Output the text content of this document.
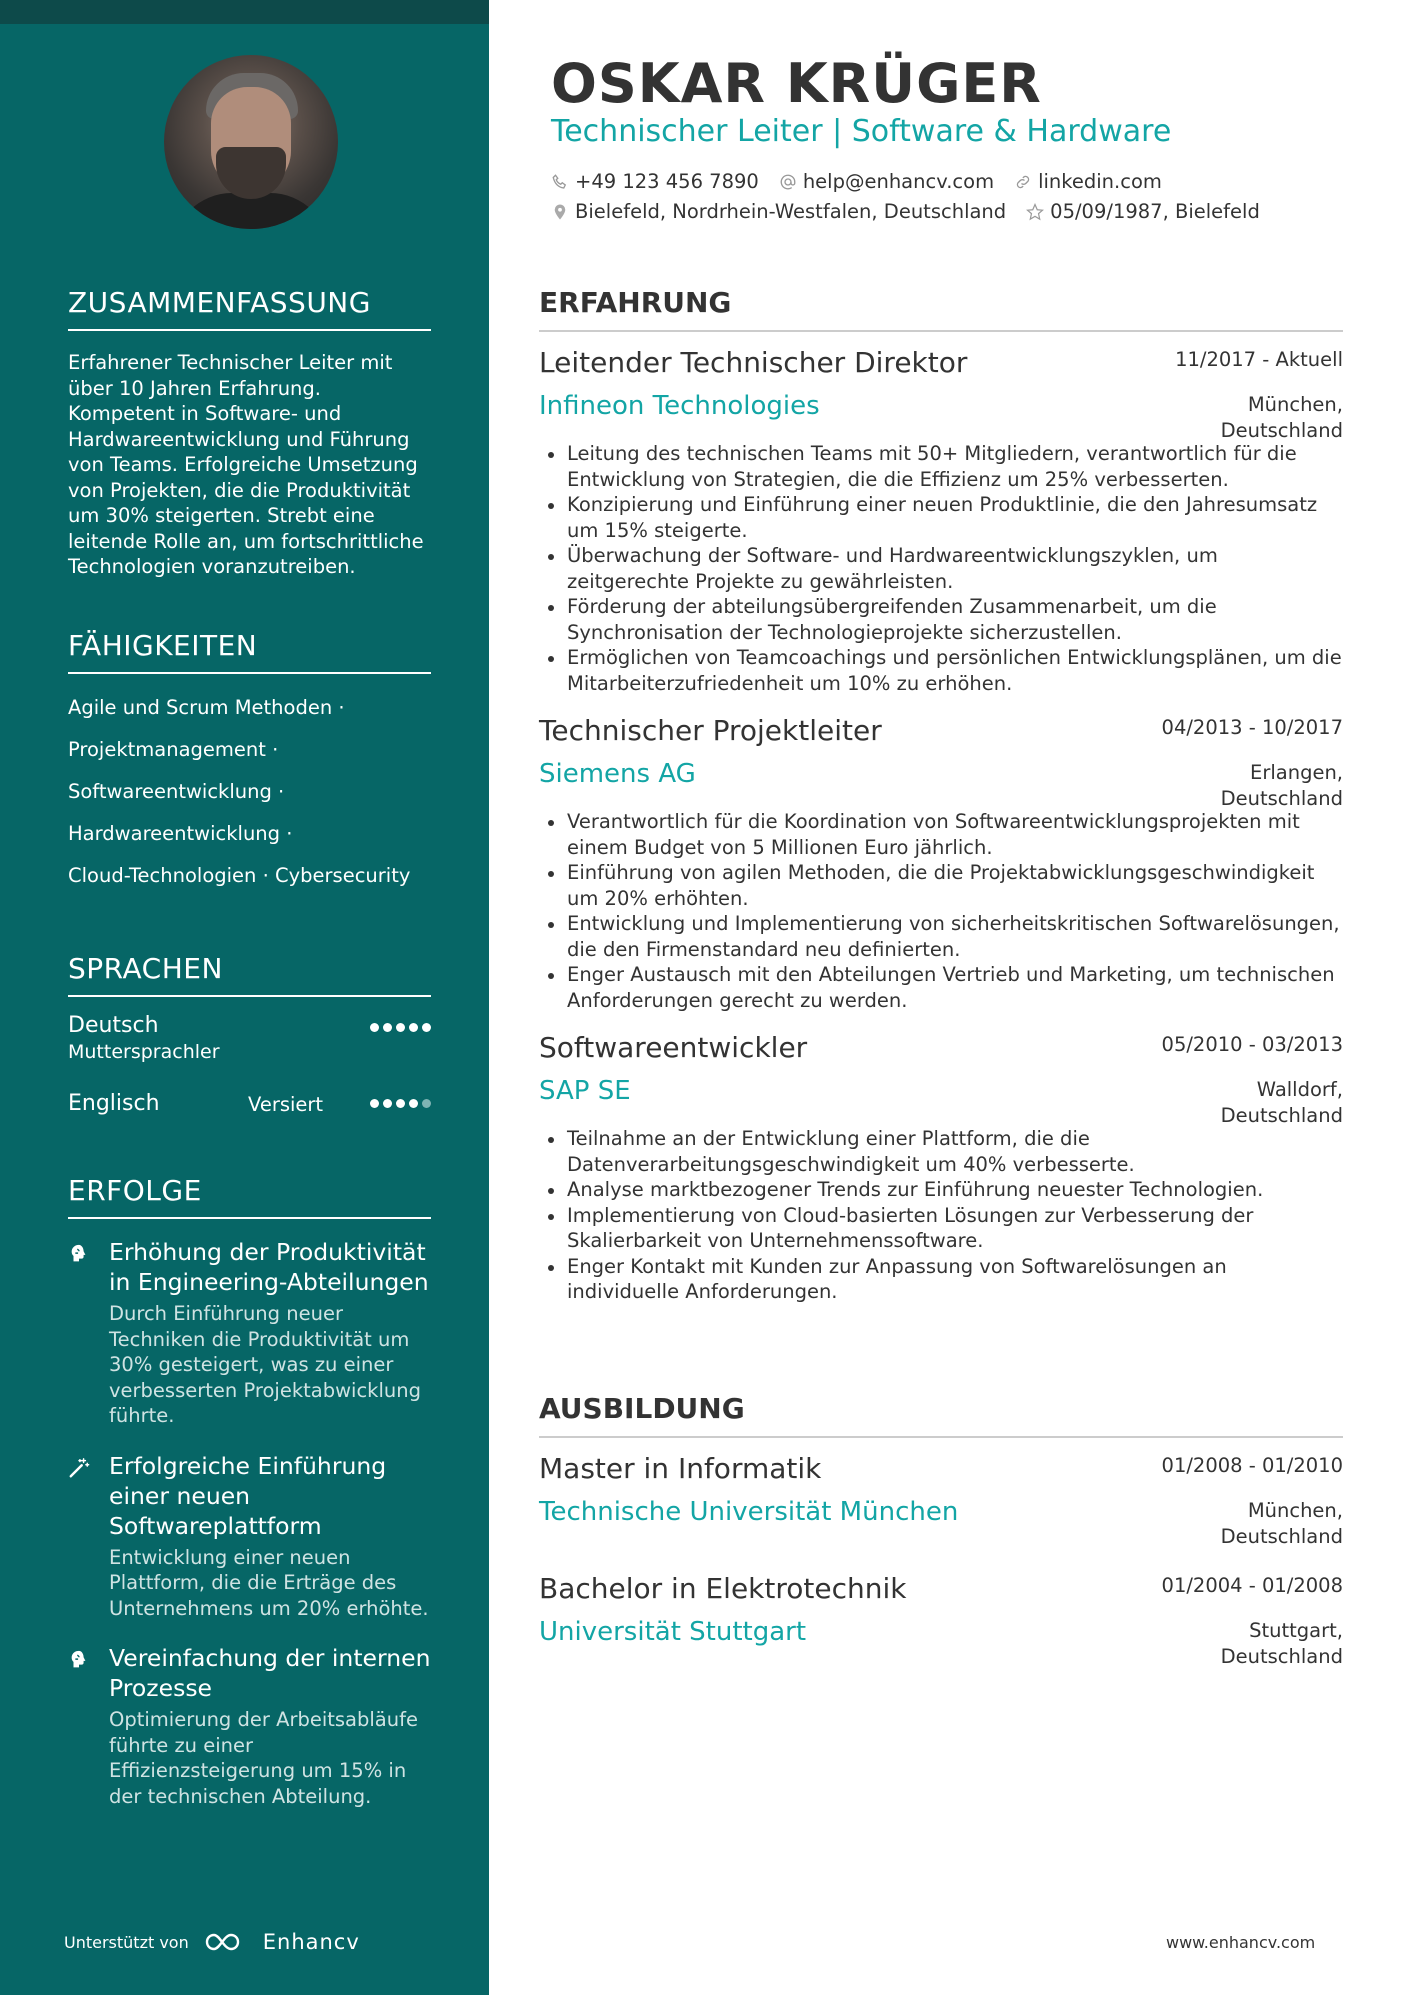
ZUSAMMENFASSUNG

Erfahrener Technischer Leiter mit über 10 Jahren Erfahrung. Kompetent in Software- und Hardwareentwicklung und Führung von Teams. Erfolgreiche Umsetzung von Projekten, die die Produktivität um 30% steigerten. Strebt eine leitende Rolle an, um fortschrittliche Technologien voranzutreiben.

FÄHIGKEITEN
Agile und Scrum Methoden ·
Projektmanagement ·
Softwareentwicklung ·
Hardwareentwicklung ·
Cloud-Technologien · Cybersecurity
SPRACHEN
Deutsch
Muttersprachler
Englisch	Versiert
ERFOLGE
Erhöhung der Produktivität in Engineering-Abteilungen
Durch Einführung neuer Techniken die Produktivität um 30% gesteigert, was zu einer verbesserten Projektabwicklung führte.
Erfolgreiche Einführung einer neuen Softwareplattform
Entwicklung einer neuen Plattform, die die Erträge des Unternehmens um 20% erhöhte.
Vereinfachung der internen Prozesse
Optimierung der Arbeitsabläufe führte zu einer Effizienzsteigerung um 15% in der technischen Abteilung.
Unterstützt von	Enhancv
OSKAR KRÜGER
Technischer Leiter | Software & Hardware
+49 123 456 7890 help@enhancv.com linkedin.com
Bielefeld, Nordrhein-Westfalen, Deutschland 05/09/1987, Bielefeld
ERFAHRUNG
Leitender Technischer Direktor	11/2017 - Aktuell
Infineon Technologies	München,
Deutschland
Leitung des technischen Teams mit 50+ Mitgliedern, verantwortlich für die Entwicklung von Strategien, die die Effizienz um 25% verbesserten.
Konzipierung und Einführung einer neuen Produktlinie, die den Jahresumsatz um 15% steigerte.
Überwachung der Software- und Hardwareentwicklungszyklen, um zeitgerechte Projekte zu gewährleisten.
Förderung der abteilungsübergreifenden Zusammenarbeit, um die Synchronisation der Technologieprojekte sicherzustellen.
Ermöglichen von Teamcoachings und persönlichen Entwicklungsplänen, um die Mitarbeiterzufriedenheit um 10% zu erhöhen.
Technischer Projektleiter	04/2013 - 10/2017
Siemens AG	Erlangen,
Deutschland
Verantwortlich für die Koordination von Softwareentwicklungsprojekten mit einem Budget von 5 Millionen Euro jährlich.
Einführung von agilen Methoden, die die Projektabwicklungsgeschwindigkeit um 20% erhöhten.
Entwicklung und Implementierung von sicherheitskritischen Softwarelösungen, die den Firmenstandard neu definierten.
Enger Austausch mit den Abteilungen Vertrieb und Marketing, um technischen Anforderungen gerecht zu werden.
Softwareentwickler	05/2010 - 03/2013
SAP SE	Walldorf,
Deutschland
Teilnahme an der Entwicklung einer Plattform, die die Datenverarbeitungsgeschwindigkeit um 40% verbesserte.
Analyse marktbezogener Trends zur Einführung neuester Technologien.
Implementierung von Cloud-basierten Lösungen zur Verbesserung der Skalierbarkeit von Unternehmenssoftware.
Enger Kontakt mit Kunden zur Anpassung von Softwarelösungen an individuelle Anforderungen.
AUSBILDUNG
Master in Informatik	01/2008 - 01/2010
Technische Universität München	München,
Deutschland
Bachelor in Elektrotechnik	01/2004 - 01/2008
Universität Stuttgart	Stuttgart,
Deutschland
www.enhancv.com
